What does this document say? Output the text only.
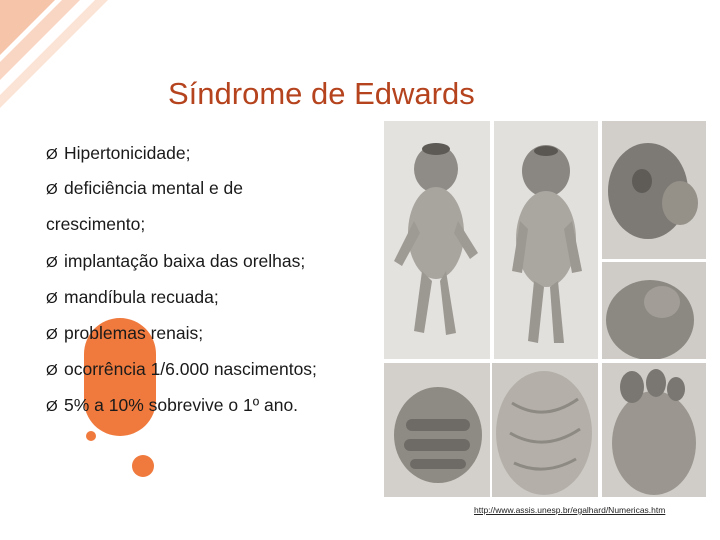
Síndrome de Edwards
Ø Hipertonicidade;
Ø deficiência mental e de
crescimento;
Ø implantação baixa das orelhas;
Ø mandíbula recuada;
Ø problemas renais;
Ø ocorrência 1/6.000 nascimentos;
Ø 5% a 10% sobrevive o 1º ano.
http://www.assis.unesp.br/egalhard/Numericas.htm
